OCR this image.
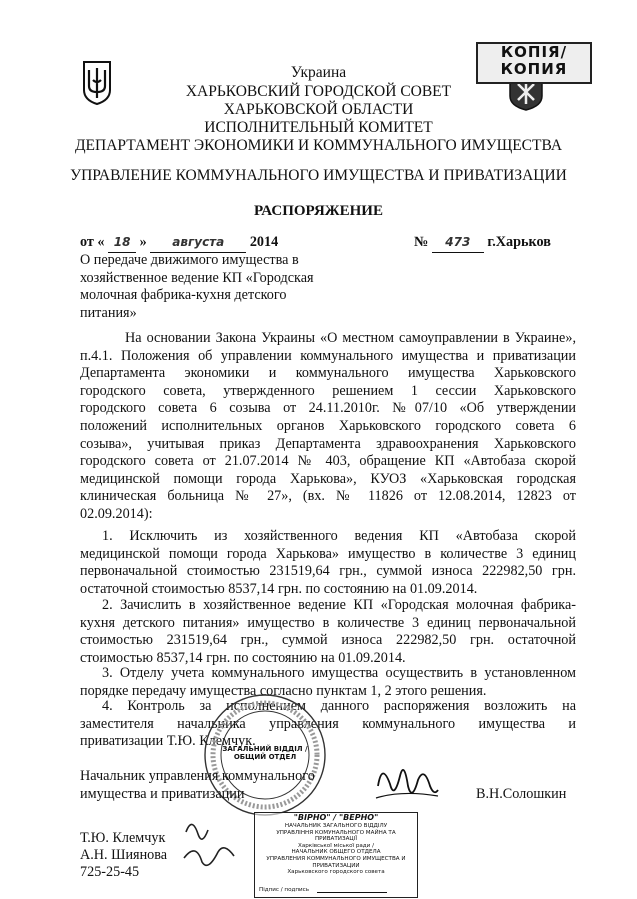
КОПІЯ/
КОПИЯ
Украина
ХАРЬКОВСКИЙ ГОРОДСКОЙ СОВЕТ
ХАРЬКОВСКОЙ ОБЛАСТИ
ИСПОЛНИТЕЛЬНЫЙ КОМИТЕТ
ДЕПАРТАМЕНТ ЭКОНОМИКИ И КОММУНАЛЬНОГО ИМУЩЕСТВА
УПРАВЛЕНИЕ КОММУНАЛЬНОГО ИМУЩЕСТВА И ПРИВАТИЗАЦИИ
РАСПОРЯЖЕНИЕ
от « 18 » августа 2014	№ 473 г.Харьков
О передаче движимого имущества в
хозяйственное ведение КП «Городская
молочная фабрика-кухня детского
питания»
На основании Закона Украины «О местном самоуправлении в Украине»,
п.4.1. Положения об управлении коммунального имущества и приватизации
Департамента экономики и коммунального имущества Харьковского
городского совета, утвержденного решением 1 сессии Харьковского
городского совета 6 созыва от 24.11.2010г. №07/10 «Об утверждении
положений исполнительных органов Харьковского городского совета 6
созыва», учитывая приказ Департамента здравоохранения Харьковского
городского совета от 21.07.2014 № 403, обращение КП «Автобаза скорой
медицинской помощи города Харькова», КУОЗ «Харьковская городская
клиническая больница № 27», (вх. № 11826 от 12.08.2014, 12823 от
02.09.2014):
1. Исключить из хозяйственного ведения КП «Автобаза скорой
медицинской помощи города Харькова» имущество в количестве 3 единиц
первоначальной стоимостью 231519,64 грн., суммой износа 222982,50 грн.
остаточной стоимостью 8537,14 грн. по состоянию на 01.09.2014.
2. Зачислить в хозяйственное ведение КП «Городская молочная фабрика-
кухня детского питания» имущество в количестве 3 единиц первоначальной
стоимостью 231519,64 грн., суммой износа 222982,50 грн. остаточной
стоимостью 8537,14 грн. по состоянию на 01.09.2014.
3. Отделу учета коммунального имущества осуществить в установленном
порядке передачу имущества согласно пунктам 1, 2 этого решения.
4. Контроль за исполнением данного распоряжения возложить на
заместителя начальника управления коммунального имущества и
приватизации Т.Ю. Клемчук.
ЗАГАЛЬНИЙ ВІДДІЛ / ОБЩИЙ ОТДЕЛ
Начальник управления коммунального
имущества и приватизации	В.Н.Солошкин
Т.Ю. Клемчук
А.Н. Шиянова
725-25-45
"ВІРНО" / "ВЕРНО"
НАЧАЛЬНИК ЗАГАЛЬНОГО ВІДДІЛУ
УПРАВЛІННЯ КОМУНАЛЬНОГО МАЙНА ТА ПРИВАТИЗАЦІЇ
Харківської міської ради /
НАЧАЛЬНИК ОБЩЕГО ОТДЕЛА
УПРАВЛЕНИЯ КОММУНАЛЬНОГО ИМУЩЕСТВА И ПРИВАТИЗАЦИИ
Харьковского городского совета
Підпис / подпись
